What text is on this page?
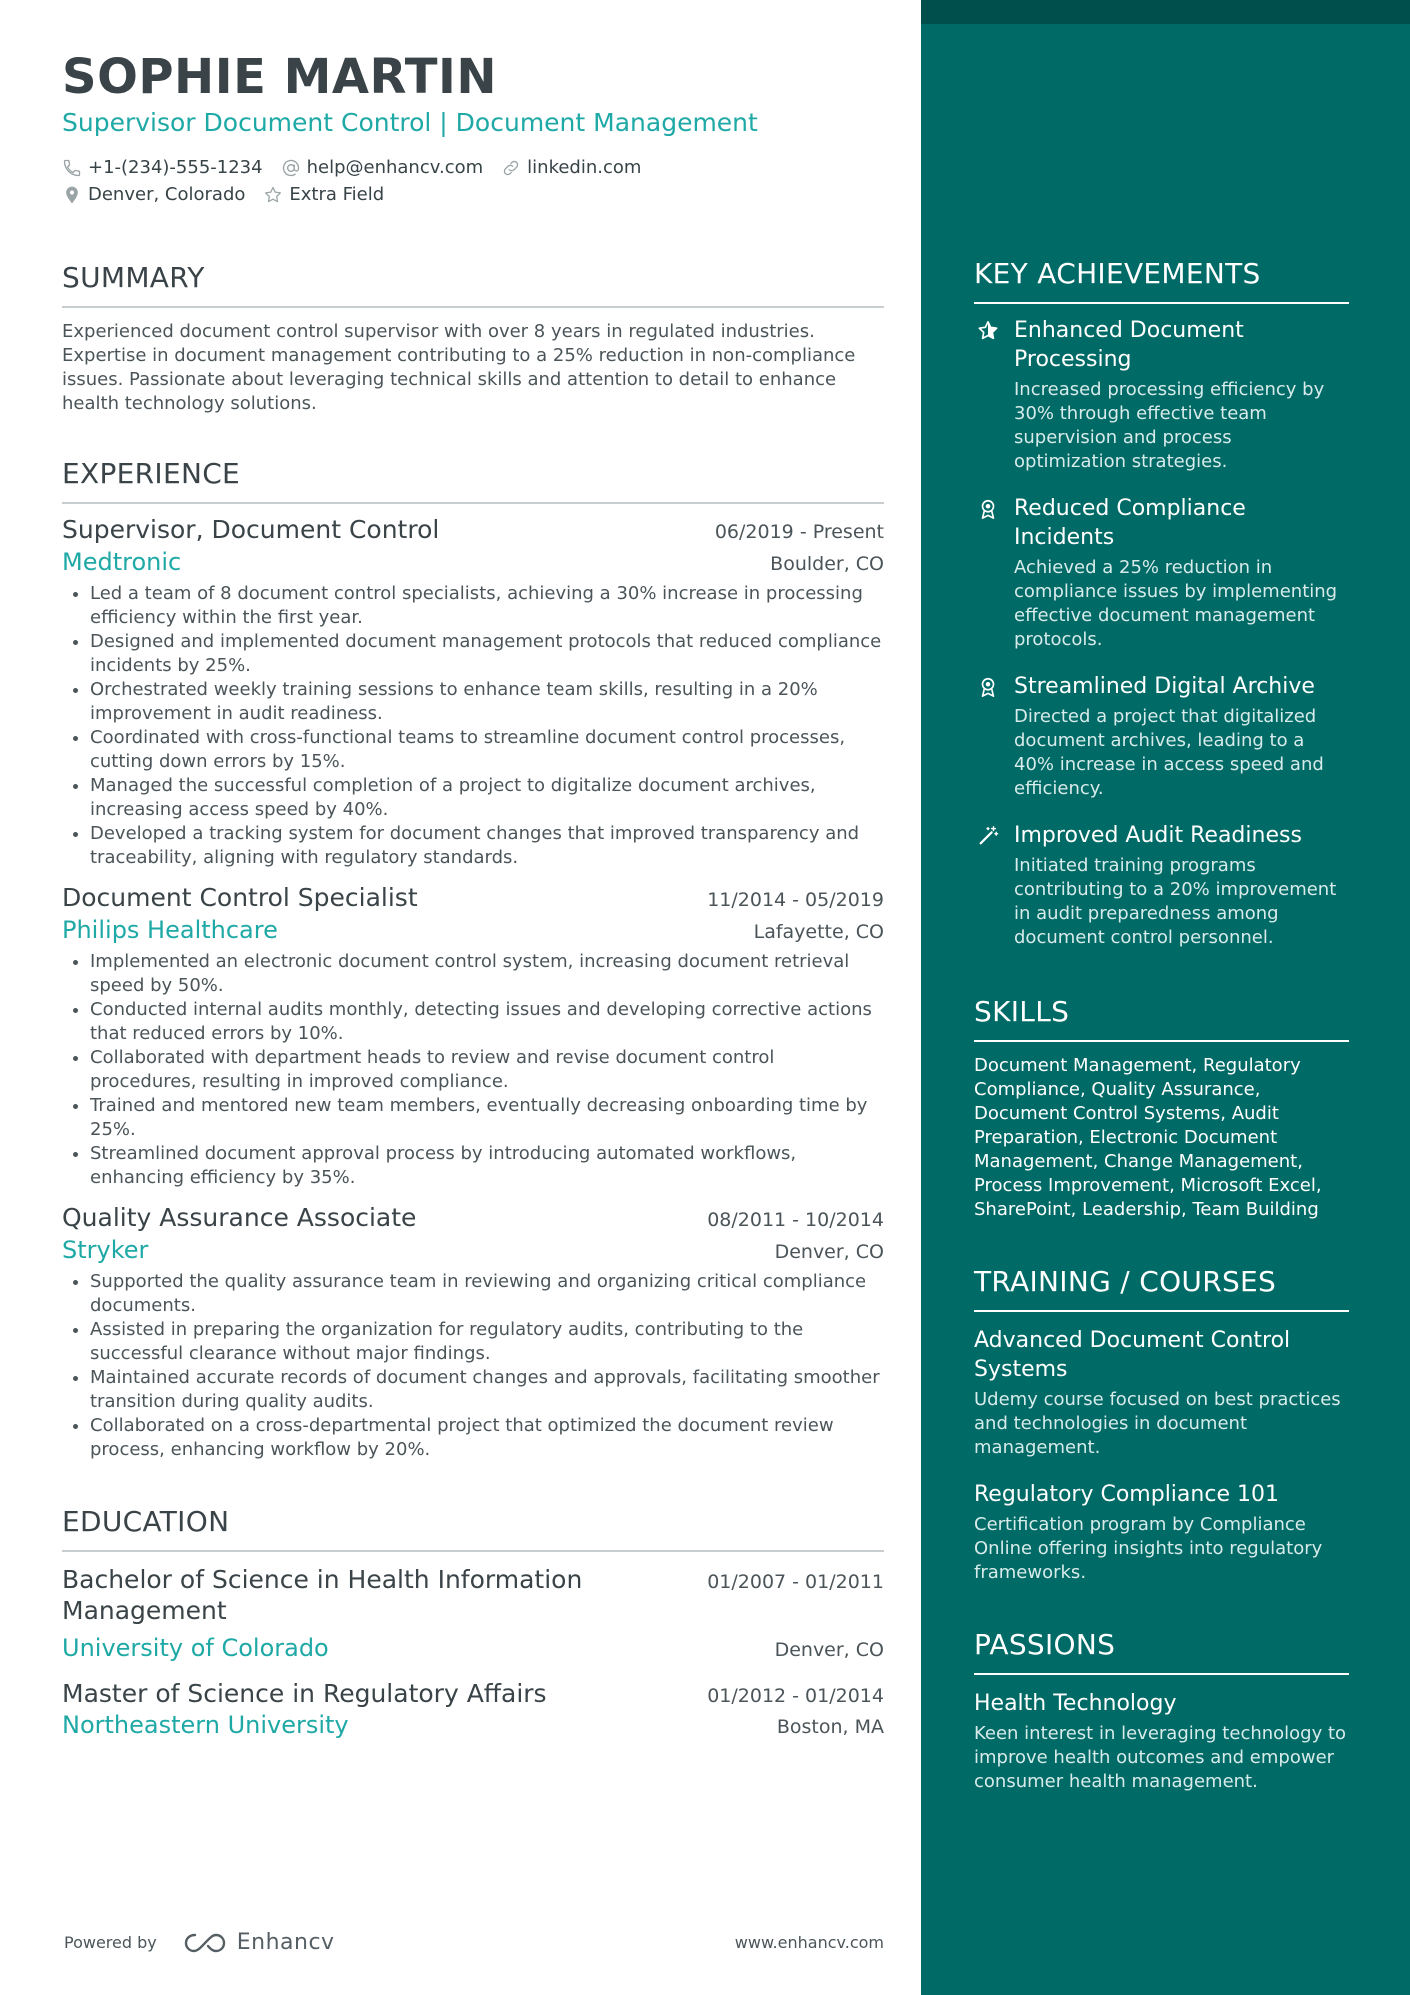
SOPHIE MARTIN
Supervisor Document Control | Document Management
+1-(234)-555-1234 help@enhancv.com linkedin.com
Denver, Colorado Extra Field
SUMMARY
Experienced document control supervisor with over 8 years in regulated industries. Expertise in document management contributing to a 25% reduction in non-compliance issues. Passionate about leveraging technical skills and attention to detail to enhance health technology solutions.
EXPERIENCE
Supervisor, Document Control	06/2019 - Present
Medtronic	Boulder, CO
• Led a team of 8 document control specialists, achieving a 30% increase in processing efficiency within the first year.
• Designed and implemented document management protocols that reduced compliance incidents by 25%.
• Orchestrated weekly training sessions to enhance team skills, resulting in a 20% improvement in audit readiness.
• Coordinated with cross-functional teams to streamline document control processes, cutting down errors by 15%.
• Managed the successful completion of a project to digitalize document archives, increasing access speed by 40%.
• Developed a tracking system for document changes that improved transparency and traceability, aligning with regulatory standards.
Document Control Specialist	11/2014 - 05/2019
Philips Healthcare	Lafayette, CO
• Implemented an electronic document control system, increasing document retrieval speed by 50%.
• Conducted internal audits monthly, detecting issues and developing corrective actions that reduced errors by 10%.
• Collaborated with department heads to review and revise document control procedures, resulting in improved compliance.
• Trained and mentored new team members, eventually decreasing onboarding time by 25%.
• Streamlined document approval process by introducing automated workflows, enhancing efficiency by 35%.
Quality Assurance Associate	08/2011 - 10/2014
Stryker	Denver, CO
• Supported the quality assurance team in reviewing and organizing critical compliance documents.
• Assisted in preparing the organization for regulatory audits, contributing to the successful clearance without major findings.
• Maintained accurate records of document changes and approvals, facilitating smoother transition during quality audits.
• Collaborated on a cross-departmental project that optimized the document review process, enhancing workflow by 20%.
EDUCATION
Bachelor of Science in Health Information Management
01/2007 - 01/2011
University of Colorado	Denver, CO
Master of Science in Regulatory Affairs	01/2012 - 01/2014
Northeastern University	Boston, MA
Powered by	Enhancv	www.enhancv.com
KEY ACHIEVEMENTS
Enhanced Document Processing
Increased processing efficiency by 30% through effective team supervision and process optimization strategies.
Reduced Compliance Incidents
Achieved a 25% reduction in compliance issues by implementing effective document management protocols.
Streamlined Digital Archive
Directed a project that digitalized document archives, leading to a 40% increase in access speed and efficiency.
Improved Audit Readiness
Initiated training programs contributing to a 20% improvement in audit preparedness among document control personnel.
SKILLS
Document Management, Regulatory Compliance, Quality Assurance, Document Control Systems, Audit Preparation, Electronic Document Management, Change Management, Process Improvement, Microsoft Excel, SharePoint, Leadership, Team Building
TRAINING / COURSES
Advanced Document Control Systems
Udemy course focused on best practices and technologies in document management.
Regulatory Compliance 101
Certification program by Compliance Online offering insights into regulatory frameworks.
PASSIONS
Health Technology
Keen interest in leveraging technology to improve health outcomes and empower consumer health management.
